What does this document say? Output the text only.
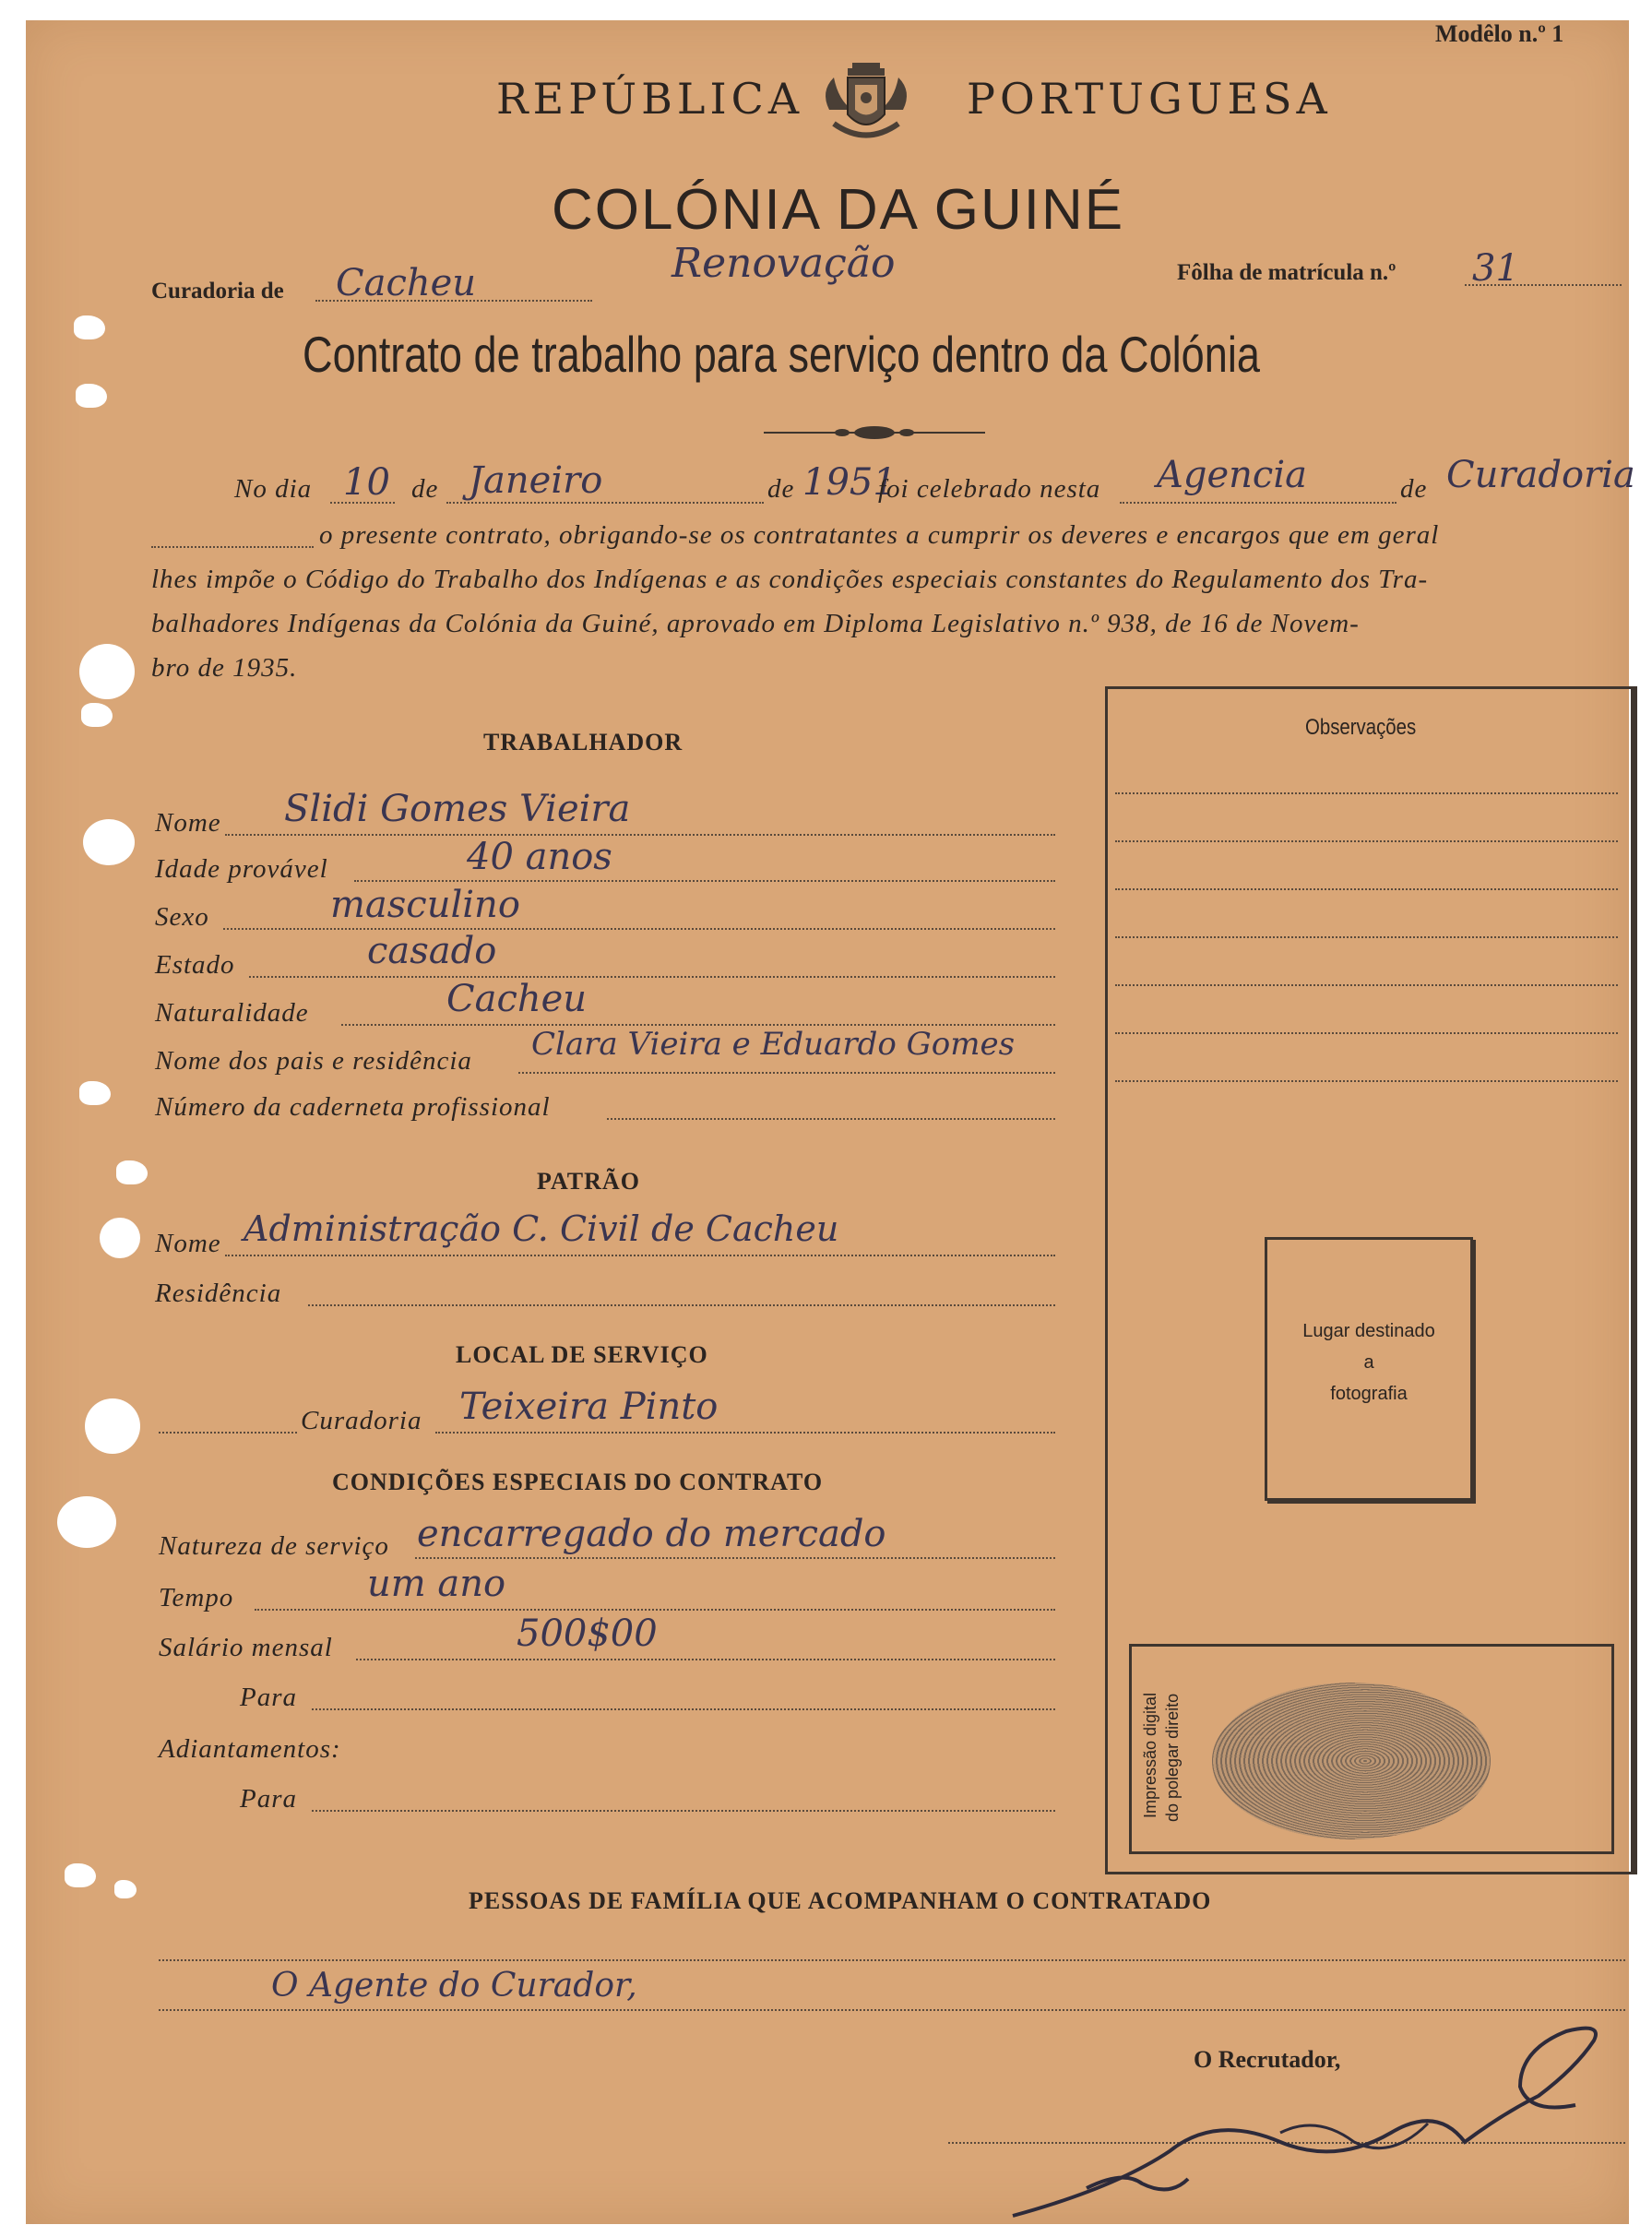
Modêlo n.º 1
REPÚBLICA	PORTUGUESA
COLÓNIA DA GUINÉ
Curadoria de Cacheu	Renovação	Fôlha de matrícula n.º 31
Contrato de trabalho para serviço dentro da Colónia
No dia 10 de Janeiro	de 1951
foi celebrado nesta Agencia	de Curadoria
o presente contrato, obrigando-se os contratantes a cumprir os deveres e encargos que em geral
lhes impõe o Código do Trabalho dos Indígenas e as condições especiais constantes do Regulamento dos Tra-
balhadores Indígenas da Colónia da Guiné, aprovado em Diploma Legislativo n.º 938, de 16 de Novem-
bro de 1935.
TRABALHADOR
Nome Slidi Gomes Vieira
Idade provável	40 anos
Sexo	masculino
Estado	casado
Naturalidade	Cacheu
Nome dos pais e residência Clara Vieira e Eduardo Gomes
Número da caderneta profissional
PATRÃO
Nome Administração C. Civil de Cacheu
Residência
LOCAL DE SERVIÇO
Curadoria Teixeira Pinto
CONDIÇÕES ESPECIAIS DO CONTRATO
Natureza de serviço encarregado do mercado
Tempo	um ano
Salário mensal	500$00
Para
Adiantamentos:
Para
Observações
Lugar destinado
a
fotografia
Impressão digital do polegar direito
PESSOAS DE FAMÍLIA QUE ACOMPANHAM O CONTRATADO
O Agente do Curador,
O Recrutador,
